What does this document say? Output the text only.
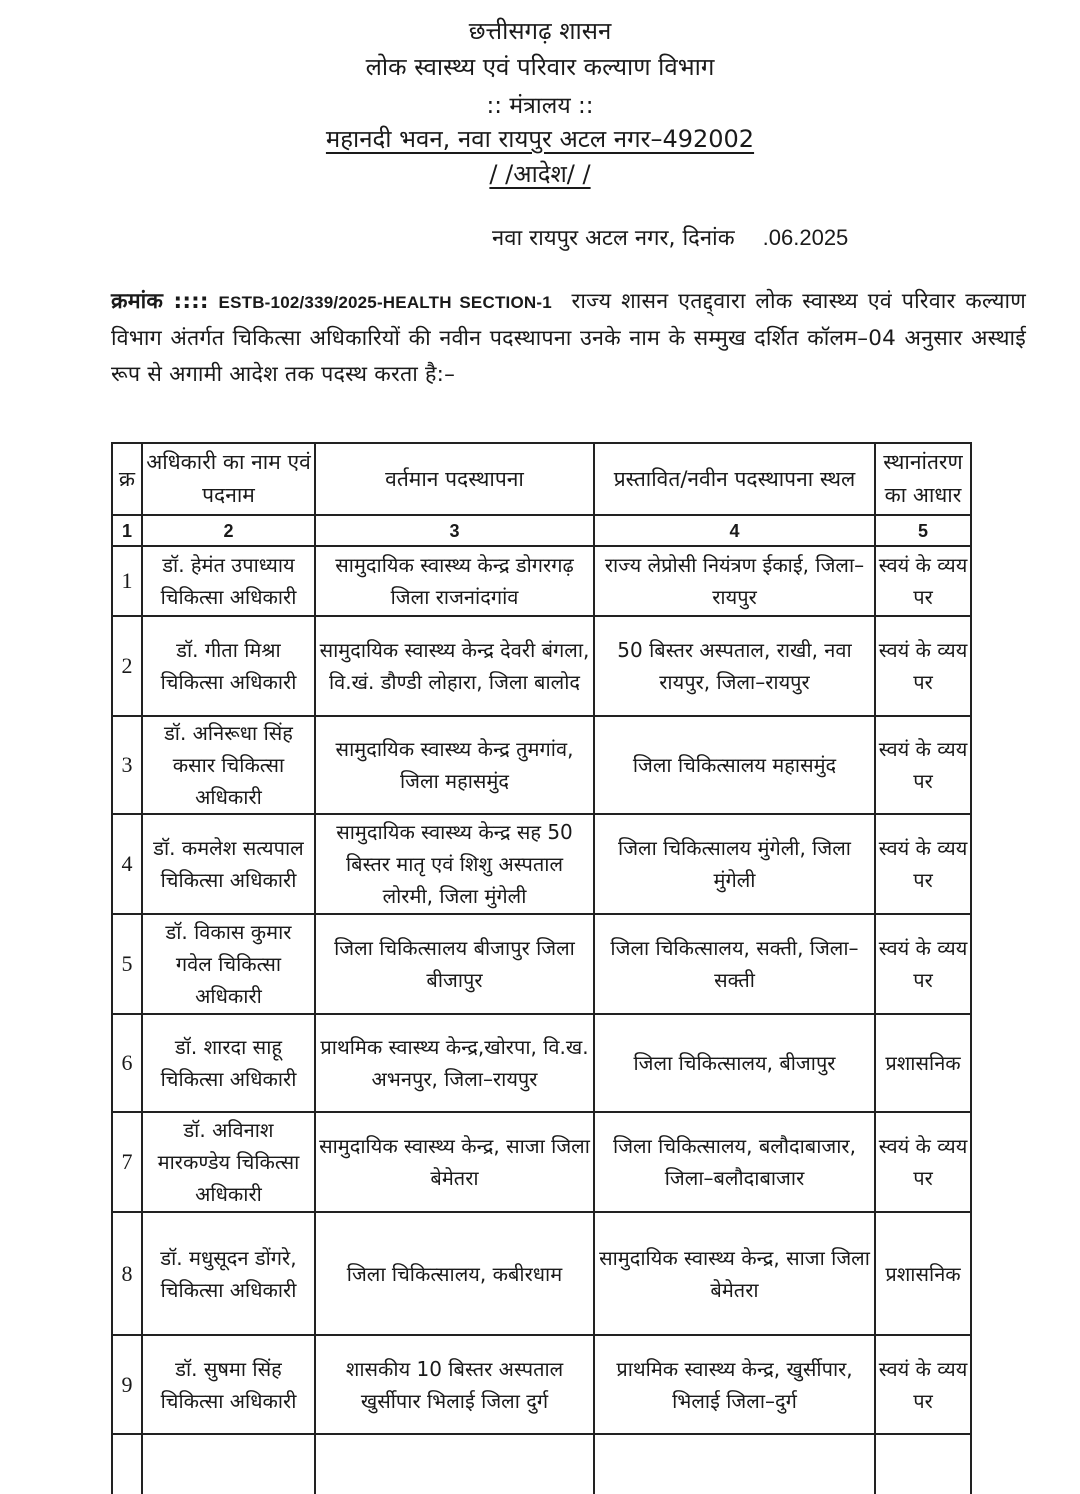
छत्तीसगढ़ शासन
लोक स्वास्थ्य एवं परिवार कल्याण विभाग
:: मंत्रालय ::
महानदी भवन, नवा रायपुर अटल नगर–492002
/ /आदेश/ /
नवा रायपुर अटल नगर, दिनांक .06.2025
क्रमांक :::: ESTB-102/339/2025-HEALTH SECTION-1 राज्य शासन एतद्द्वारा लोक स्वास्थ्य एवं परिवार कल्याण विभाग अंतर्गत चिकित्सा अधिकारियों की नवीन पदस्थापना उनके नाम के सम्मुख दर्शित कॉलम–04 अनुसार अस्थाई रूप से अगामी आदेश तक पदस्थ करता है:–
क्र	अधिकारी का नाम एवं पदनाम	वर्तमान पदस्थापना	प्रस्तावित/नवीन पदस्थापना स्थल	स्थानांतरण का आधार
1	2	3	4	5
1	डॉ. हेमंत उपाध्याय चिकित्सा अधिकारी	सामुदायिक स्वास्थ्य केन्द्र डोगरगढ़ जिला राजनांदगांव	राज्य लेप्रोसी नियंत्रण ईकाई, जिला–रायपुर	स्वयं के व्यय पर
2	डॉ. गीता मिश्रा चिकित्सा अधिकारी	सामुदायिक स्वास्थ्य केन्द्र देवरी बंगला, वि.खं. डौण्डी लोहारा, जिला बालोद	50 बिस्तर अस्पताल, राखी, नवा रायपुर, जिला–रायपुर	स्वयं के व्यय पर
3	डॉ. अनिरूधा सिंह कसार चिकित्सा अधिकारी	सामुदायिक स्वास्थ्य केन्द्र तुमगांव, जिला महासमुंद	जिला चिकित्सालय महासमुंद	स्वयं के व्यय पर
4	डॉ. कमलेश सत्यपाल चिकित्सा अधिकारी	सामुदायिक स्वास्थ्य केन्द्र सह 50 बिस्तर मातृ एवं शिशु अस्पताल लोरमी, जिला मुंगेली	जिला चिकित्सालय मुंगेली, जिला मुंगेली	स्वयं के व्यय पर
5	डॉ. विकास कुमार गवेल चिकित्सा अधिकारी	जिला चिकित्सालय बीजापुर जिला बीजापुर	जिला चिकित्सालय, सक्ती, जिला–सक्ती	स्वयं के व्यय पर
6	डॉ. शारदा साहू चिकित्सा अधिकारी	प्राथमिक स्वास्थ्य केन्द्र,खोरपा, वि.ख. अभनपुर, जिला–रायपुर	जिला चिकित्सालय, बीजापुर	प्रशासनिक
7	डॉ. अविनाश मारकण्डेय चिकित्सा अधिकारी	सामुदायिक स्वास्थ्य केन्द्र, साजा जिला बेमेतरा	जिला चिकित्सालय, बलौदाबाजार, जिला–बलौदाबाजार	स्वयं के व्यय पर
8	डॉ. मधुसूदन डोंगरे, चिकित्सा अधिकारी	जिला चिकित्सालय, कबीरधाम	सामुदायिक स्वास्थ्य केन्द्र, साजा जिला बेमेतरा	प्रशासनिक
9	डॉ. सुषमा सिंह चिकित्सा अधिकारी	शासकीय 10 बिस्तर अस्पताल खुर्सीपार भिलाई जिला दुर्ग	प्राथमिक स्वास्थ्य केन्द्र, खुर्सीपार, भिलाई जिला–दुर्ग	स्वयं के व्यय पर
